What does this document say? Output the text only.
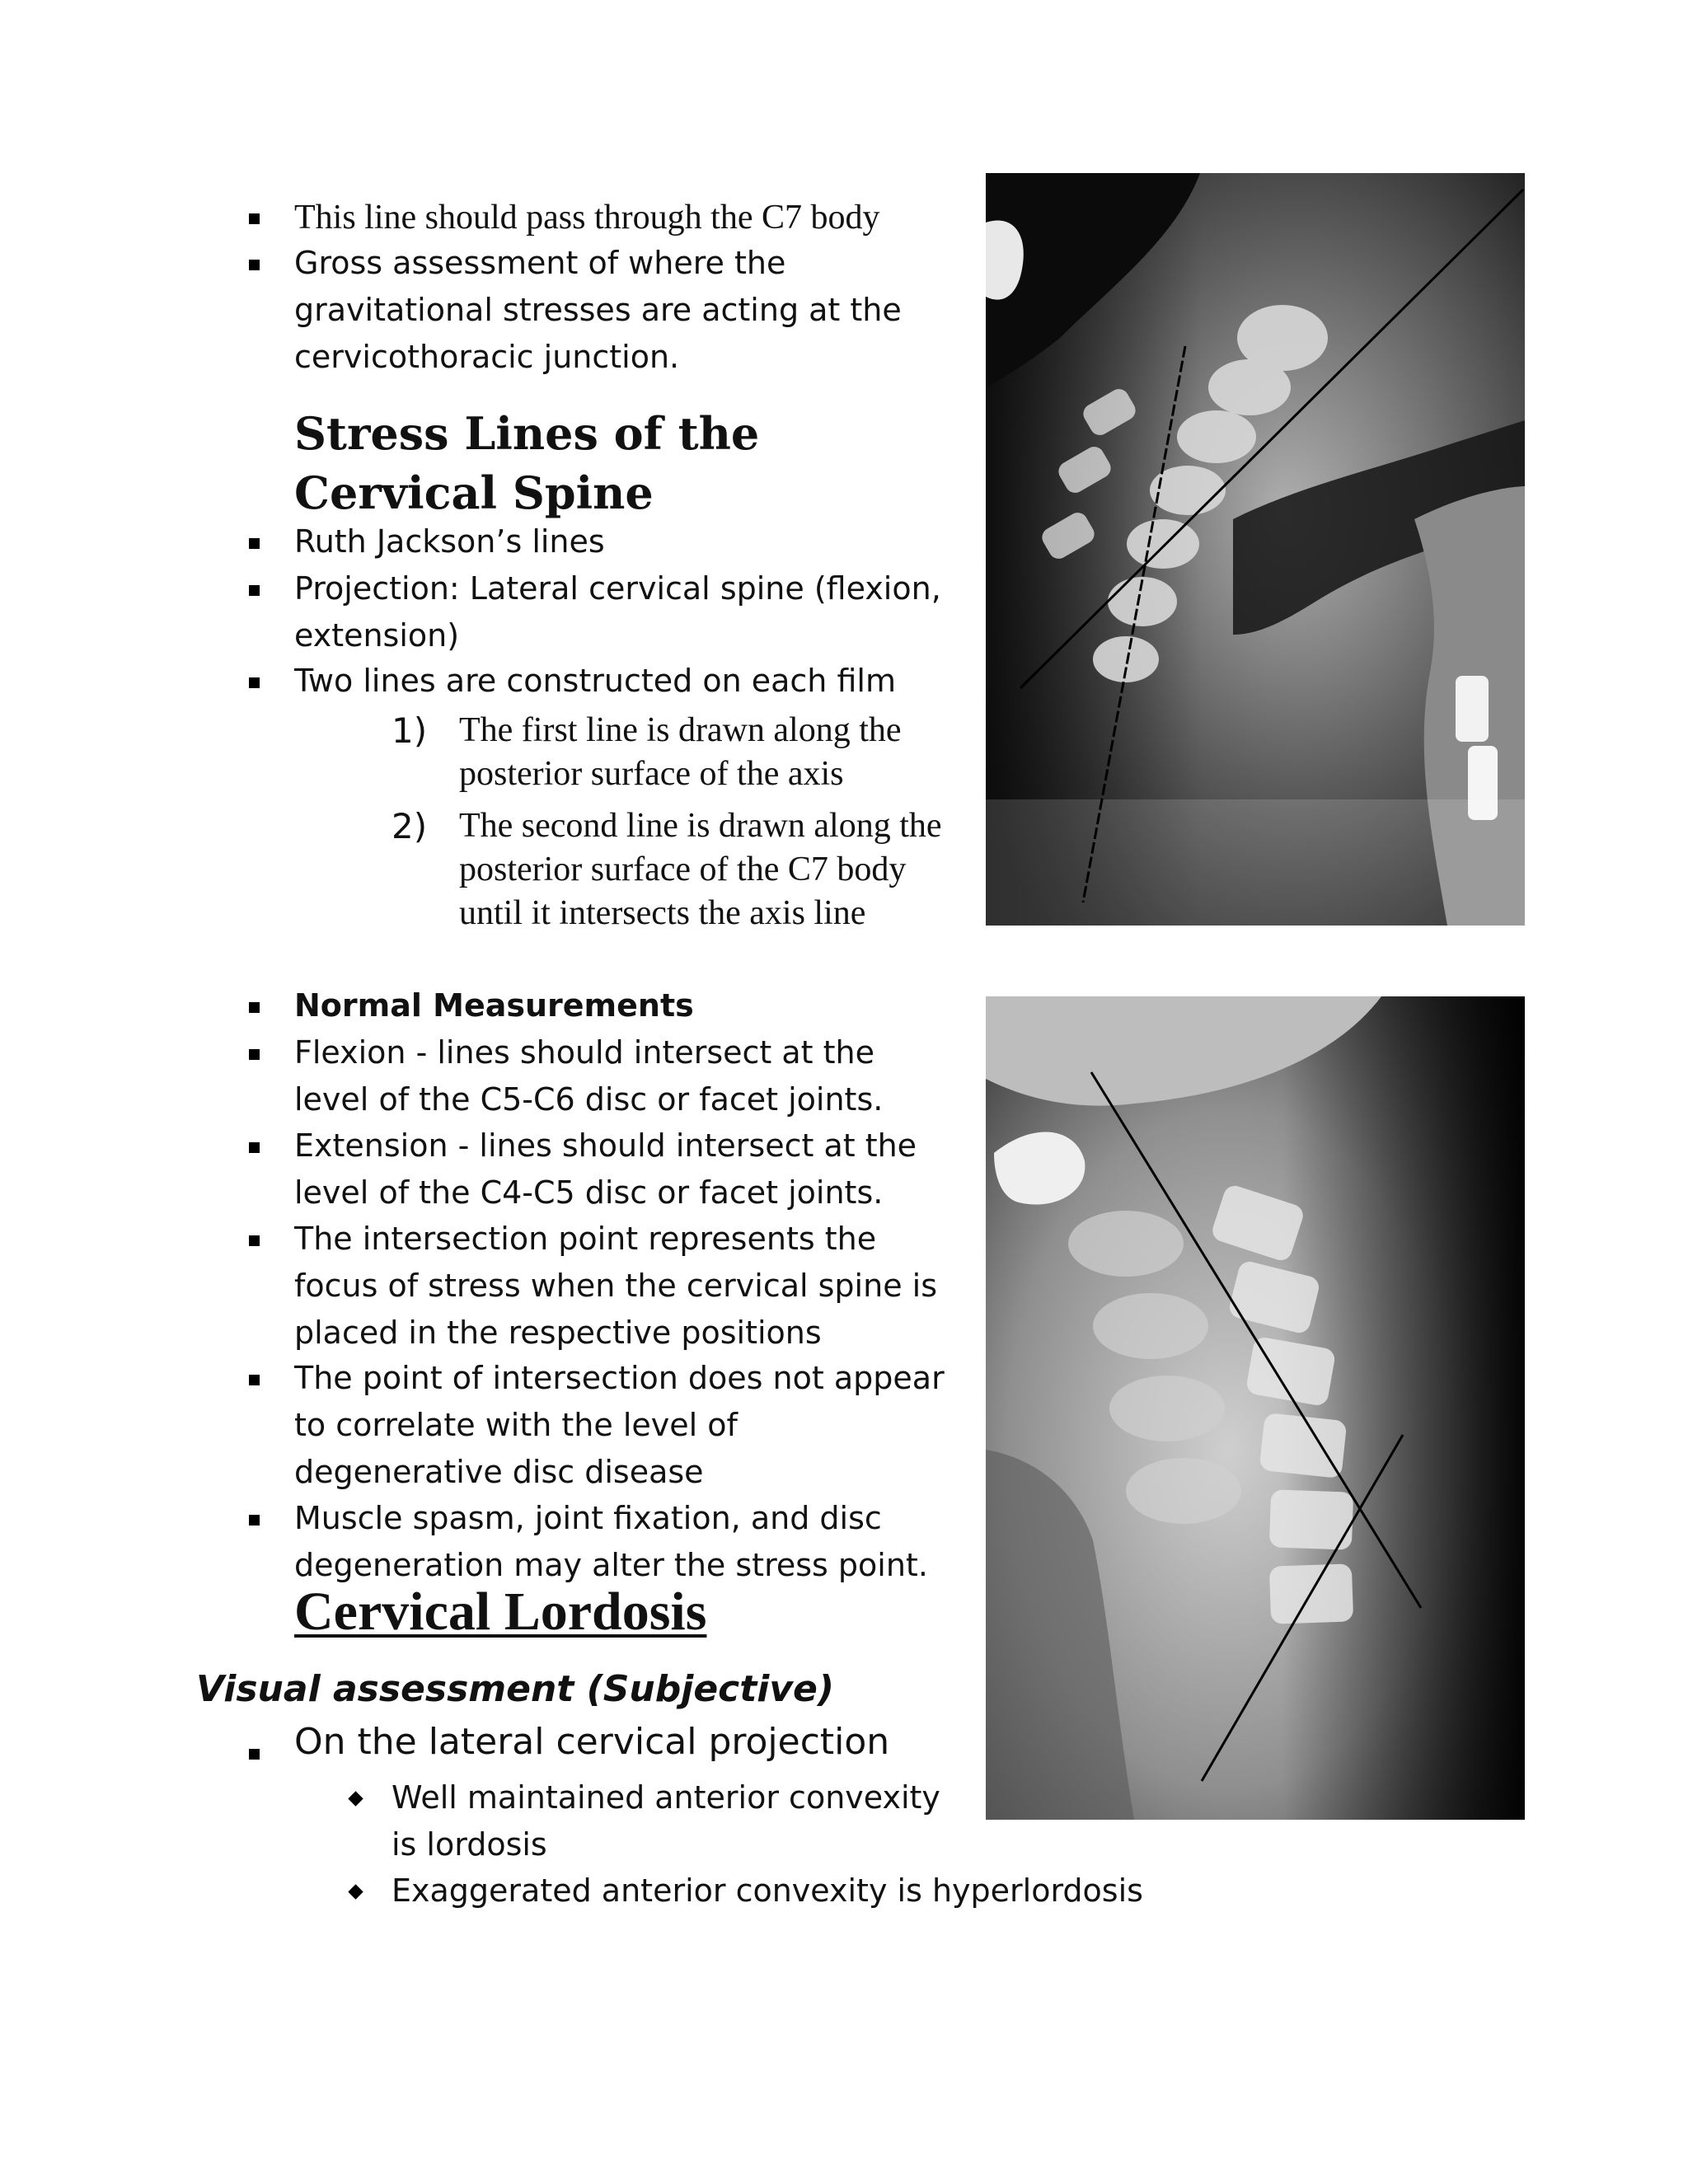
This line should pass through the C7 body
Gross assessment of where the gravitational stresses are acting at the cervicothoracic junction.
Stress Lines of the Cervical Spine
Ruth Jackson’s lines
Projection: Lateral cervical spine (flexion, extension)
Two lines are constructed on each film
1) The first line is drawn along the posterior surface of the axis
2) The second line is drawn along the posterior surface of the C7 body until it intersects the axis line
Normal Measurements
Flexion - lines should intersect at the level of the C5-C6 disc or facet joints.
Extension - lines should intersect at the level of the C4-C5 disc or facet joints.
The intersection point represents the focus of stress when the cervical spine is placed in the respective positions
The point of intersection does not appear to correlate with the level of degenerative disc disease
Muscle spasm, joint fixation, and disc degeneration may alter the stress point.
Cervical Lordosis
Visual assessment (Subjective)
On the lateral cervical projection
Well maintained anterior convexity is lordosis
Exaggerated anterior convexity is hyperlordosis
